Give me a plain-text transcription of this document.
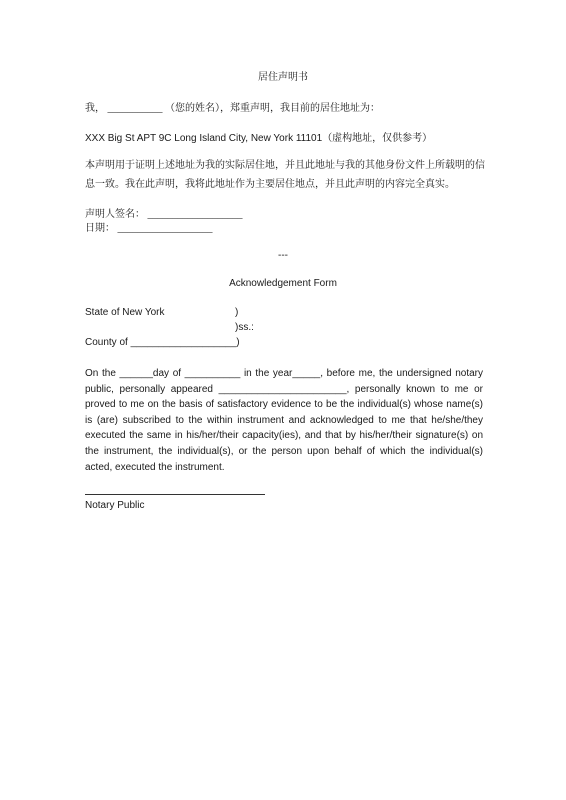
居住声明书
我， ___________ （您的姓名），郑重声明，我目前的居住地址为：
XXX Big St APT 9C Long Island City, New York 11101（虚构地址，仅供参考）
本声明用于证明上述地址为我的实际居住地，并且此地址与我的其他身份文件上所载明的信息一致。我在此声明，我将此地址作为主要居住地点，并且此声明的内容完全真实。
声明人签名： ___________________
日期： ___________________
---
Acknowledgement Form
State of New York	)
)ss.:
County of ___________________)
On the ______day of __________ in the year_____, before me, the undersigned notary public, personally appeared _______________________, personally known to me or proved to me on the basis of satisfactory evidence to be the individual(s) whose name(s) is (are) subscribed to the within instrument and acknowledged to me that he/she/they executed the same in his/her/their capacity(ies), and that by his/her/their signature(s) on the instrument, the individual(s), or the person upon behalf of which the individual(s) acted, executed the instrument.
Notary Public
